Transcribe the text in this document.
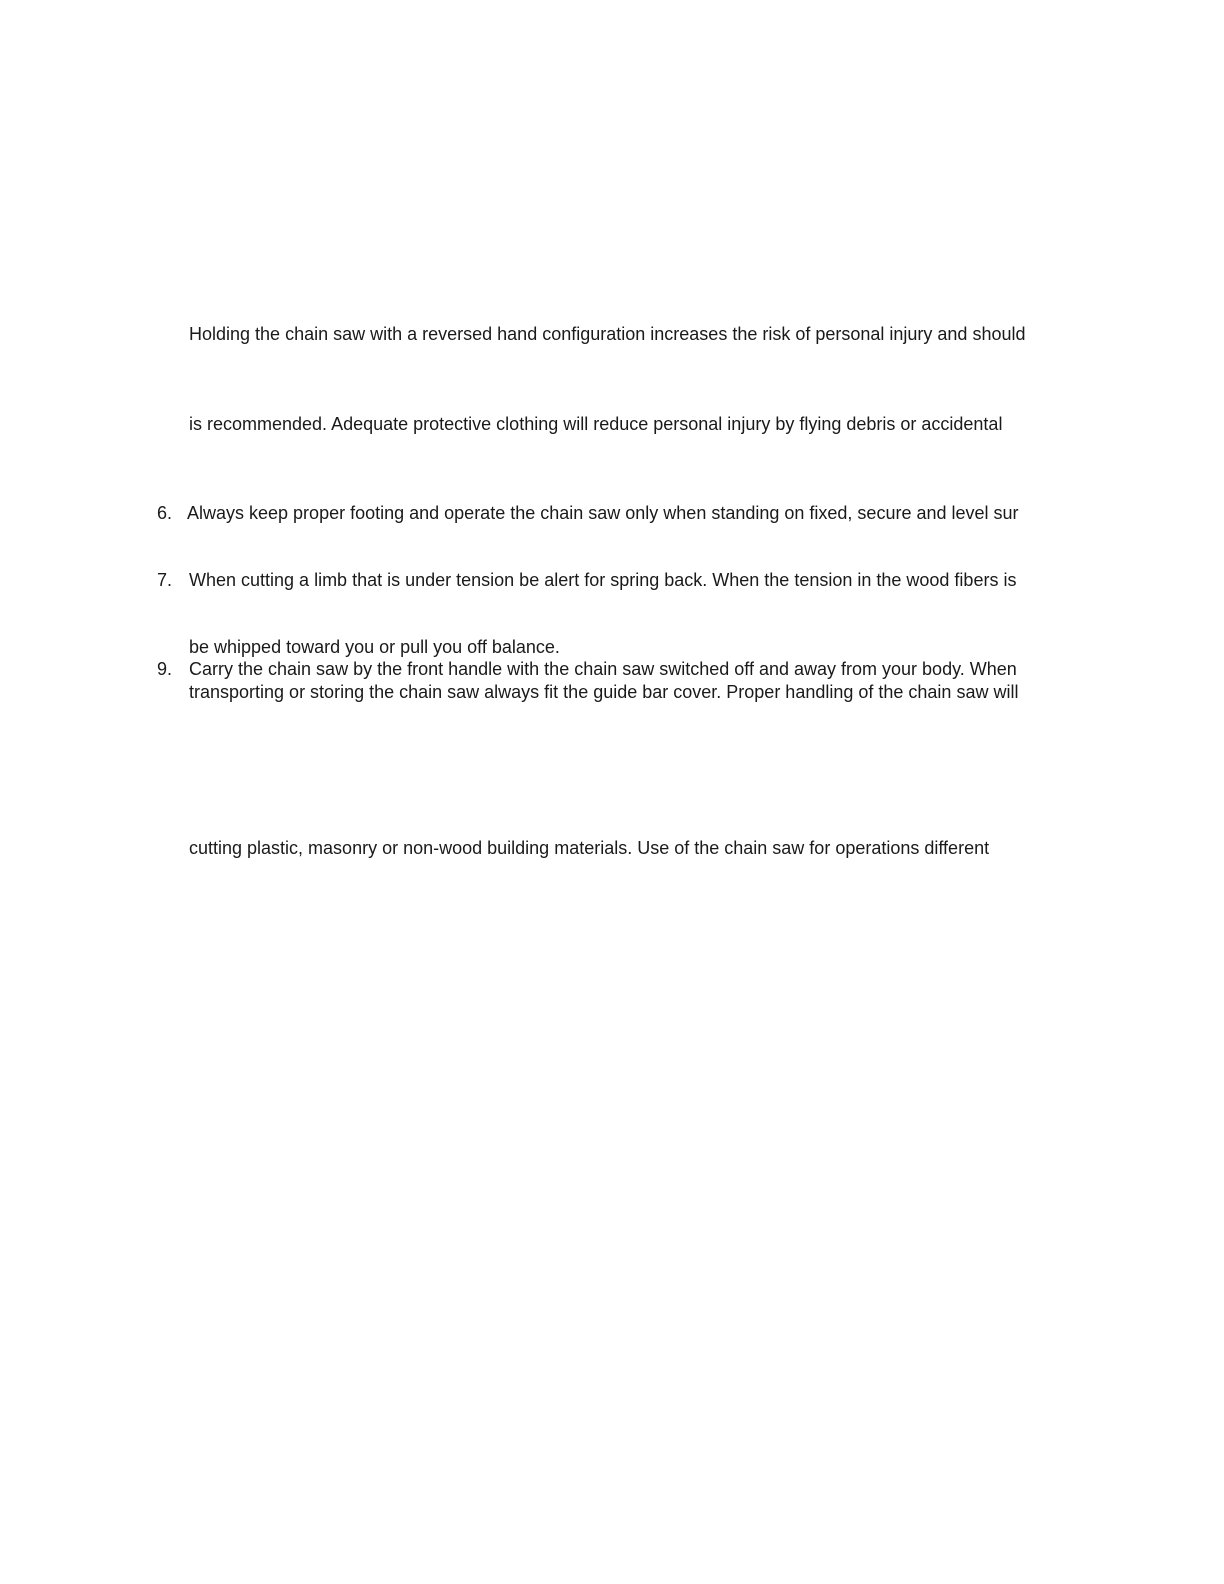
Holding the chain saw with a reversed hand configuration increases the risk of personal injury and should
is recommended. Adequate protective clothing will reduce personal injury by flying debris or accidental
6. Always keep proper footing and operate the chain saw only when standing on fixed, secure and level sur
7. When cutting a limb that is under tension be alert for spring back. When the tension in the wood fibers is
be whipped toward you or pull you off balance.
9. Carry the chain saw by the front handle with the chain saw switched off and away from your body. When
transporting or storing the chain saw always fit the guide bar cover. Proper handling of the chain saw will
cutting plastic, masonry or non-wood building materials. Use of the chain saw for operations different
